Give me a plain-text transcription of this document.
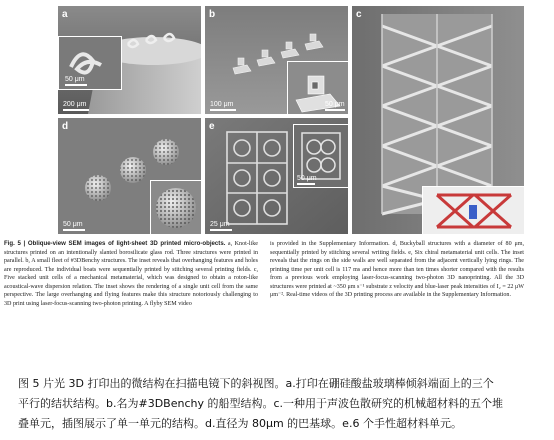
50 μm
a
200 μm	50 μm
b
100 μm
c
d
50 μm
50 μm
e
25 μm

Fig. 5 | Oblique-view SEM images of light-sheet 3D printed micro-objects. a, Knot-like structures printed on an intentionally slanted borosilicate glass rod. Three structures were printed in parallel. b, A small fleet of #3DBenchy structures. The inset reveals that overhanging features and holes are reproduced. The individual boats were sequentially printed by stitching several printing fields. c, Five stacked unit cells of a mechanical metamaterial, which was designed to obtain a roton-like acoustical-wave dispersion relation. The inset shows the rendering of a single unit cell from the same perspective. The large overhanging and flying features make this structure notoriously challenging to 3D print using laser-focus-scanning two-photon printing. A flyby SEM video

is provided in the Supplementary Information. d, Buckyball structures with a diameter of 80 μm, sequentially printed by stitching several writing fields. e, Six chiral metamaterial unit cells. The inset reveals that the rings on the side walls are well separated from the adjacent vertically lying rings. The printing time per unit cell is 117 ms and hence more than ten times shorter compared with the results from a previous work employing laser-focus-scanning two-photon 3D nanoprinting. All the 3D structures were printed at ~350 μm s⁻¹ substrate z velocity and blue-laser peak intensities of I₂ = 22 μW μm⁻². Real-time videos of the 3D printing process are available in the Supplementary Information.

图 5 片光 3D 打印出的微结构在扫描电镜下的斜视图。a.打印在硼硅酸盐玻璃棒倾斜端面上的三个
平行的结状结构。b.名为#3DBenchy 的船型结构。c.一种用于声波色散研究的机械超材料的五个堆
叠单元，插图展示了单一单元的结构。d.直径为 80μm 的巴基球。e.6 个手性超材料单元。
